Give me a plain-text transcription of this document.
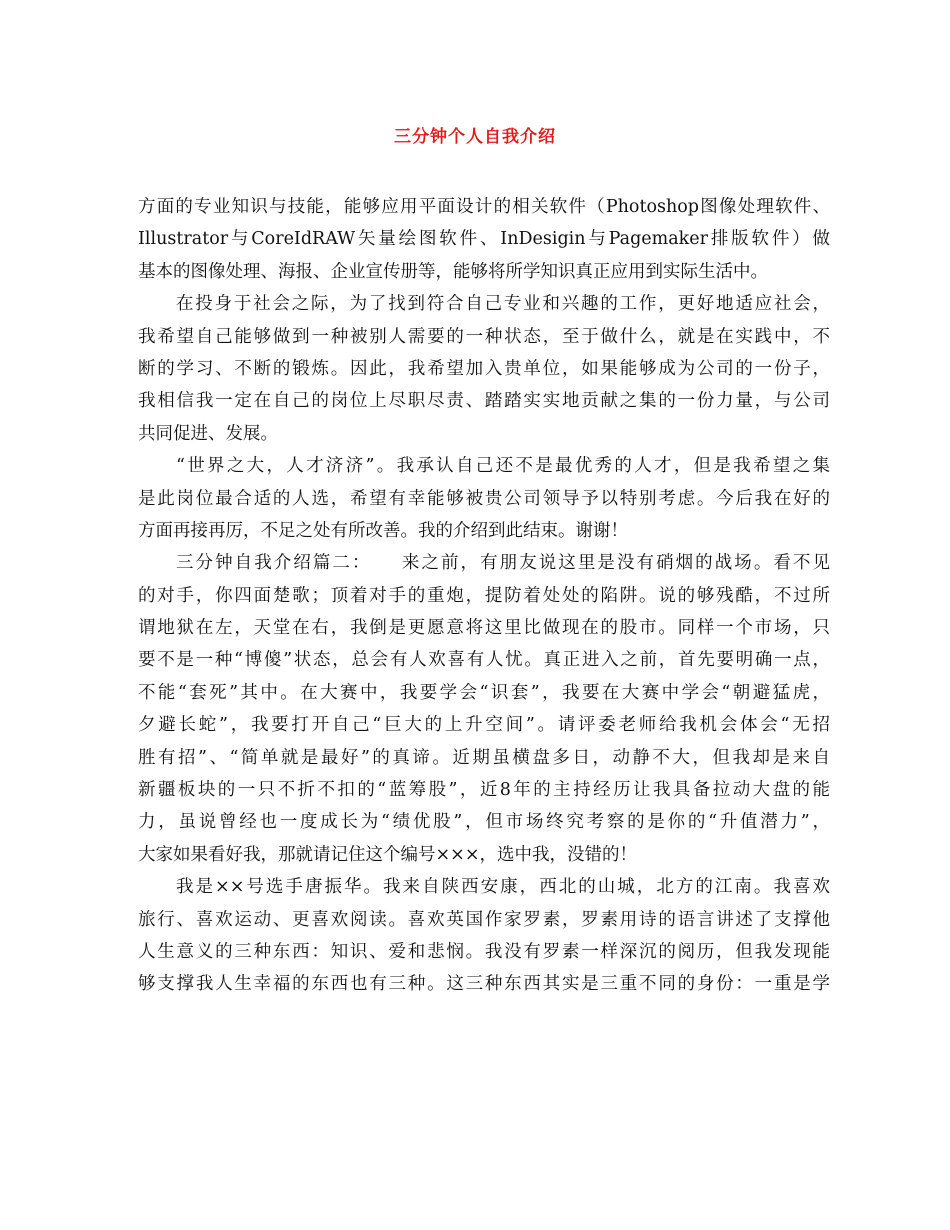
三分钟个人自我介绍
方面的专业知识与技能，能够应用平面设计的相关软件（Photoshop图像处理软件、
Illustrator与CoreIdRAW矢量绘图软件、InDesigin与Pagemaker排版软件）做
基本的图像处理、海报、企业宣传册等，能够将所学知识真正应用到实际生活中。
在投身于社会之际，为了找到符合自己专业和兴趣的工作，更好地适应社会，
我希望自己能够做到一种被别人需要的一种状态，至于做什么，就是在实践中，不
断的学习、不断的锻炼。因此，我希望加入贵单位，如果能够成为公司的一份子，
我相信我一定在自己的岗位上尽职尽责、踏踏实实地贡献之集的一份力量，与公司
共同促进、发展。
“世界之大，人才济济”。我承认自己还不是最优秀的人才，但是我希望之集
是此岗位最合适的人选，希望有幸能够被贵公司领导予以特别考虑。今后我在好的
方面再接再厉，不足之处有所改善。我的介绍到此结束。谢谢！
三分钟自我介绍篇二：　　来之前，有朋友说这里是没有硝烟的战场。看不见
的对手，你四面楚歌；顶着对手的重炮，提防着处处的陷阱。说的够残酷，不过所
谓地狱在左，天堂在右，我倒是更愿意将这里比做现在的股市。同样一个市场，只
要不是一种“博傻”状态，总会有人欢喜有人忧。真正进入之前，首先要明确一点，
不能“套死”其中。在大赛中，我要学会“识套”，我要在大赛中学会“朝避猛虎，
夕避长蛇”，我要打开自己“巨大的上升空间”。请评委老师给我机会体会“无招
胜有招”、“简单就是最好”的真谛。近期虽横盘多日，动静不大，但我却是来自
新疆板块的一只不折不扣的“蓝筹股”，近8年的主持经历让我具备拉动大盘的能
力，虽说曾经也一度成长为“绩优股”，但市场终究考察的是你的“升值潜力”，
大家如果看好我，那就请记住这个编号×××，选中我，没错的！
我是××号选手唐振华。我来自陕西安康，西北的山城，北方的江南。我喜欢
旅行、喜欢运动、更喜欢阅读。喜欢英国作家罗素，罗素用诗的语言讲述了支撑他
人生意义的三种东西：知识、爱和悲悯。我没有罗素一样深沉的阅历，但我发现能
够支撑我人生幸福的东西也有三种。这三种东西其实是三重不同的身份：一重是学
